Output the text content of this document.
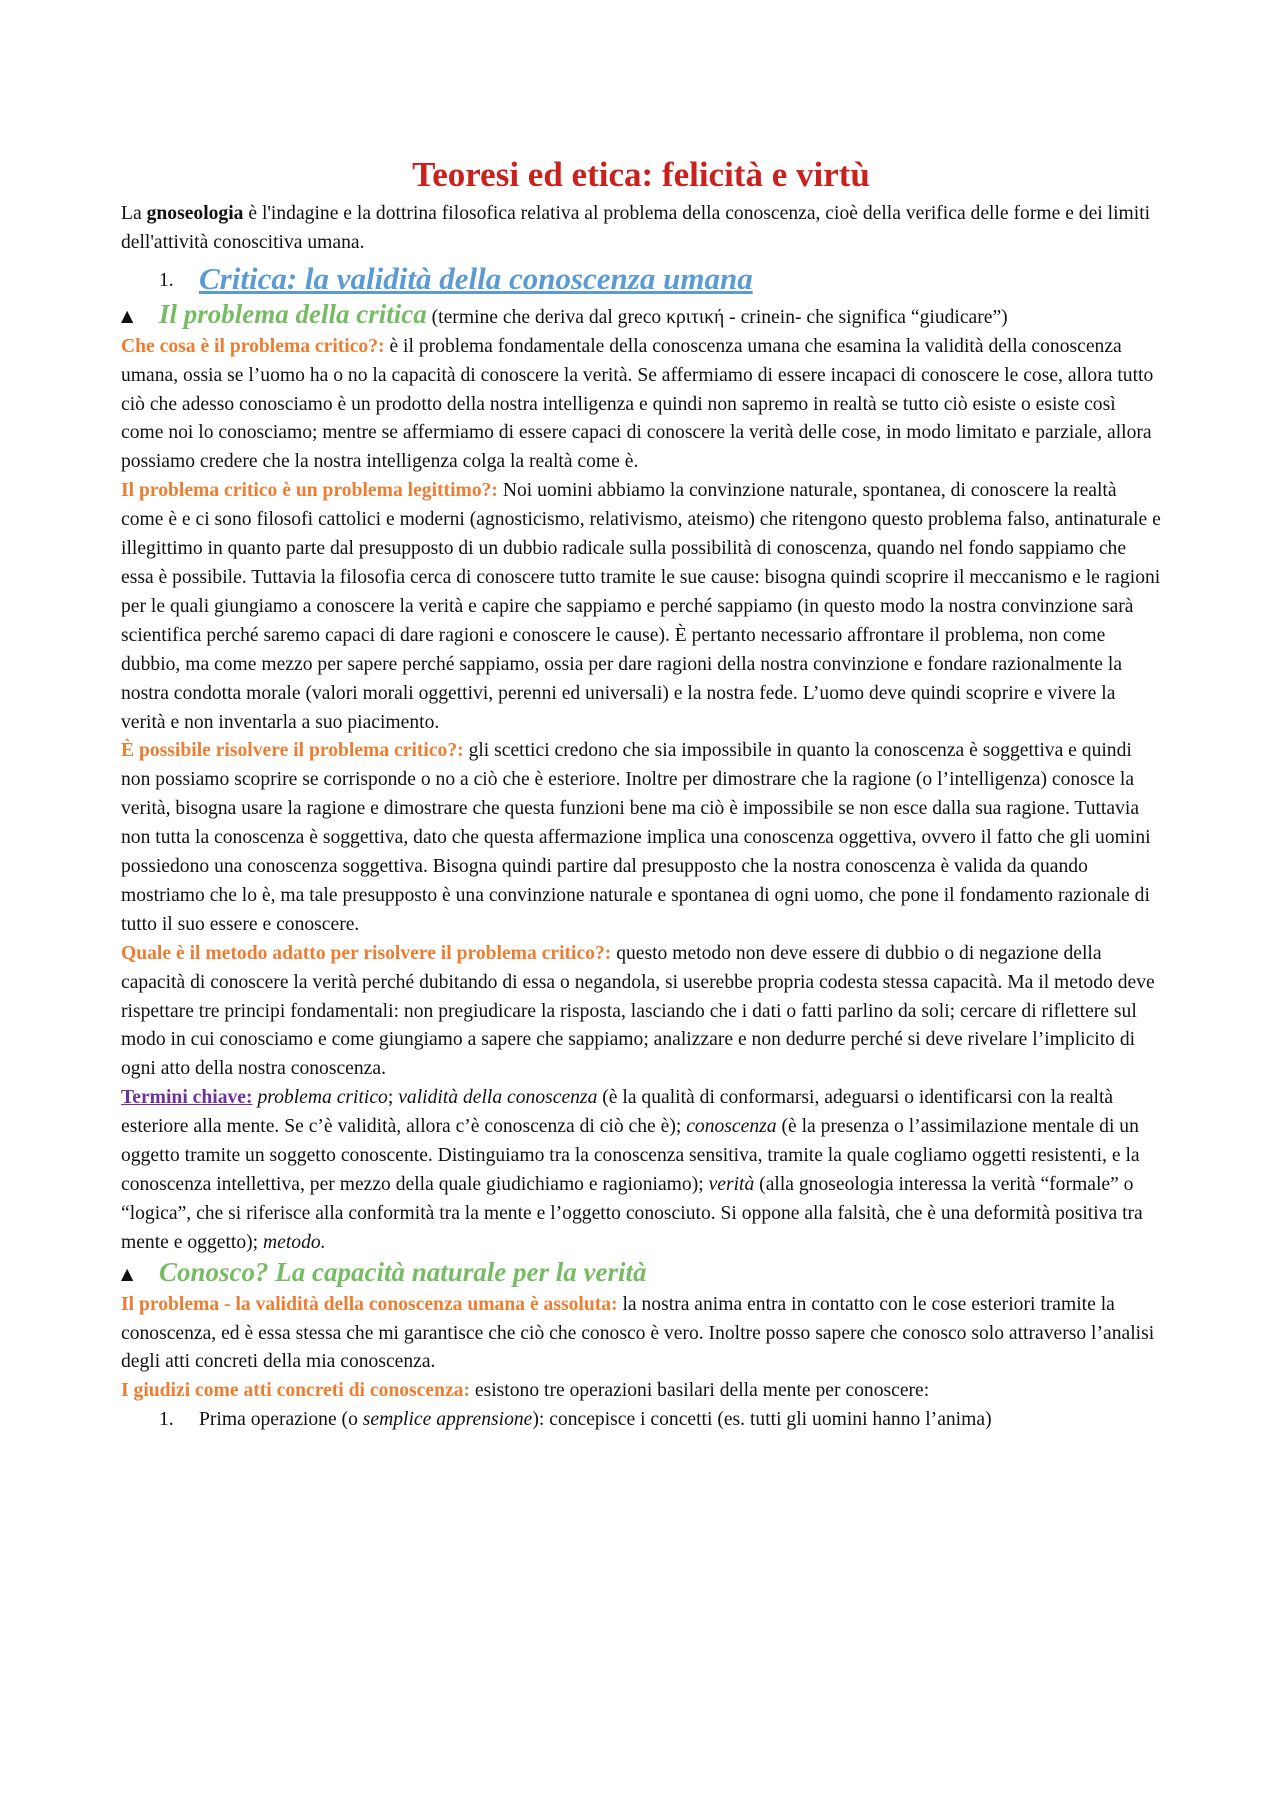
Teoresi ed etica: felicità e virtù

La gnoseologia è l'indagine e la dottrina filosofica relativa al problema della conoscenza, cioè della verifica delle forme e dei limiti dell'attività conoscitiva umana.

1. Critica: la validità della conoscenza umana
▲ Il problema della critica (termine che deriva dal greco κριτική - crinein- che significa “giudicare”)

Che cosa è il problema critico?: è il problema fondamentale della conoscenza umana che esamina la validità della conoscenza umana, ossia se l’uomo ha o no la capacità di conoscere la verità. Se affermiamo di essere incapaci di conoscere le cose, allora tutto ciò che adesso conosciamo è un prodotto della nostra intelligenza e quindi non sapremo in realtà se tutto ciò esiste o esiste così come noi lo conosciamo; mentre se affermiamo di essere capaci di conoscere la verità delle cose, in modo limitato e parziale, allora possiamo credere che la nostra intelligenza colga la realtà come è.

Il problema critico è un problema legittimo?: Noi uomini abbiamo la convinzione naturale, spontanea, di conoscere la realtà come è e ci sono filosofi cattolici e moderni (agnosticismo, relativismo, ateismo) che ritengono questo problema falso, antinaturale e illegittimo in quanto parte dal presupposto di un dubbio radicale sulla possibilità di conoscenza, quando nel fondo sappiamo che essa è possibile. Tuttavia la filosofia cerca di conoscere tutto tramite le sue cause: bisogna quindi scoprire il meccanismo e le ragioni per le quali giungiamo a conoscere la verità e capire che sappiamo e perché sappiamo (in questo modo la nostra convinzione sarà scientifica perché saremo capaci di dare ragioni e conoscere le cause). È pertanto necessario affrontare il problema, non come dubbio, ma come mezzo per sapere perché sappiamo, ossia per dare ragioni della nostra convinzione e fondare razionalmente la nostra condotta morale (valori morali oggettivi, perenni ed universali) e la nostra fede. L’uomo deve quindi scoprire e vivere la verità e non inventarla a suo piacimento.

È possibile risolvere il problema critico?: gli scettici credono che sia impossibile in quanto la conoscenza è soggettiva e quindi non possiamo scoprire se corrisponde o no a ciò che è esteriore. Inoltre per dimostrare che la ragione (o l’intelligenza) conosce la verità, bisogna usare la ragione e dimostrare che questa funzioni bene ma ciò è impossibile se non esce dalla sua ragione. Tuttavia non tutta la conoscenza è soggettiva, dato che questa affermazione implica una conoscenza oggettiva, ovvero il fatto che gli uomini possiedono una conoscenza soggettiva. Bisogna quindi partire dal presupposto che la nostra conoscenza è valida da quando mostriamo che lo è, ma tale presupposto è una convinzione naturale e spontanea di ogni uomo, che pone il fondamento razionale di tutto il suo essere e conoscere.

Quale è il metodo adatto per risolvere il problema critico?: questo metodo non deve essere di dubbio o di negazione della capacità di conoscere la verità perché dubitando di essa o negandola, si userebbe propria codesta stessa capacità. Ma il metodo deve rispettare tre principi fondamentali: non pregiudicare la risposta, lasciando che i dati o fatti parlino da soli; cercare di riflettere sul modo in cui conosciamo e come giungiamo a sapere che sappiamo; analizzare e non dedurre perché si deve rivelare l’implicito di ogni atto della nostra conoscenza.

Termini chiave: problema critico; validità della conoscenza (è la qualità di conformarsi, adeguarsi o identificarsi con la realtà esteriore alla mente. Se c’è validità, allora c’è conoscenza di ciò che è); conoscenza (è la presenza o l’assimilazione mentale di un oggetto tramite un soggetto conoscente. Distinguiamo tra la conoscenza sensitiva, tramite la quale cogliamo oggetti resistenti, e la conoscenza intellettiva, per mezzo della quale giudichiamo e ragioniamo); verità (alla gnoseologia interessa la verità “formale” o “logica”, che si riferisce alla conformità tra la mente e l’oggetto conosciuto. Si oppone alla falsità, che è una deformità positiva tra mente e oggetto); metodo.

▲ Conosco? La capacità naturale per la verità

Il problema - la validità della conoscenza umana è assoluta: la nostra anima entra in contatto con le cose esteriori tramite la conoscenza, ed è essa stessa che mi garantisce che ciò che conosco è vero. Inoltre posso sapere che conosco solo attraverso l’analisi degli atti concreti della mia conoscenza.

I giudizi come atti concreti di conoscenza: esistono tre operazioni basilari della mente per conoscere:

1. Prima operazione (o semplice apprensione): concepisce i concetti (es. tutti gli uomini hanno l’anima)
